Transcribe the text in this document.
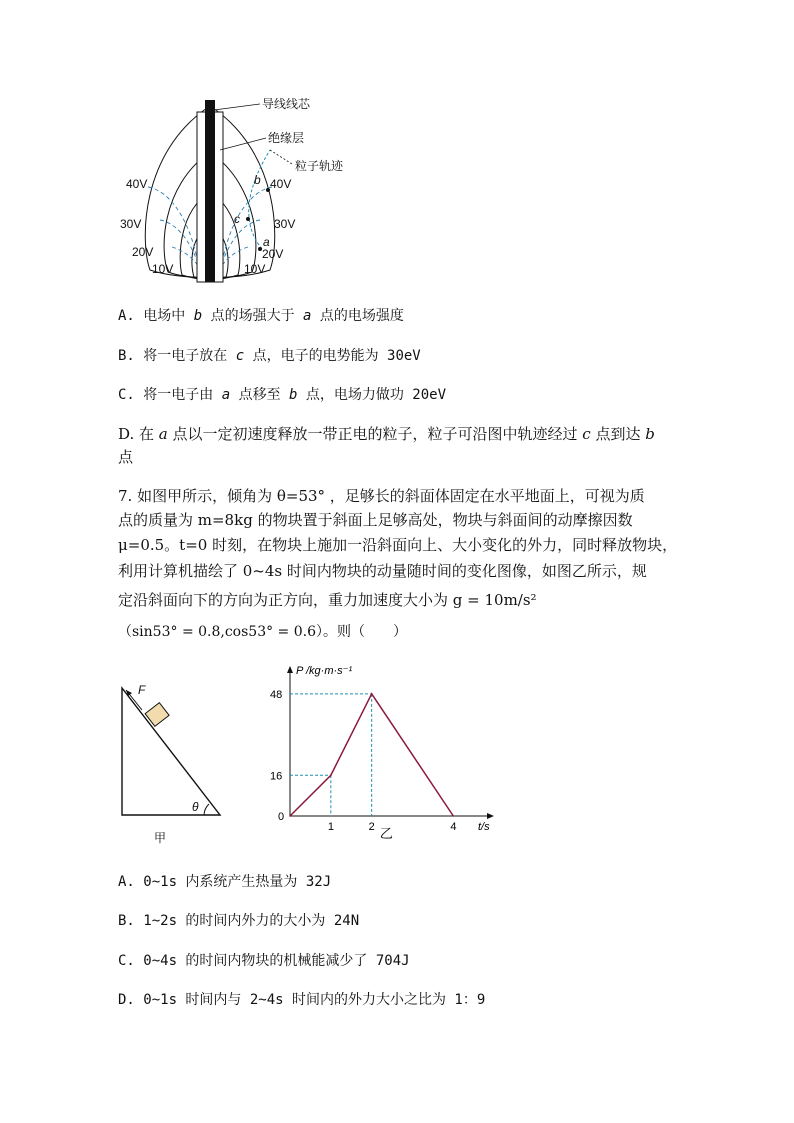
导线线芯
绝缘层
粒子轨迹
40V
30V
20V
10V
40V
30V
20V
10V
b
c
a
A. 电场中 b 点的场强大于 a 点的电场强度
B. 将一电子放在 c 点，电子的电势能为 30eV
C. 将一电子由 a 点移至 b 点，电场力做功 20eV
D. 在 a 点以一定初速度释放一带正电的粒子，粒子可沿图中轨迹经过 c 点到达 b
点
7. 如图甲所示，倾角为 θ=53° ，足够长的斜面体固定在水平地面上，可视为质
点的质量为 m=8kg 的物块置于斜面上足够高处，物块与斜面间的动摩擦因数
μ=0.5。t=0 时刻，在物块上施加一沿斜面向上、大小变化的外力，同时释放物块，
利用计算机描绘了 0~4s 时间内物块的动量随时间的变化图像，如图乙所示，规
定沿斜面向下的方向为正方向，重力加速度大小为 g = 10m/s²
（sin53° = 0.8,cos53° = 0.6）。则（　　）
F
θ
甲
P /kg·m·s⁻¹
t/s
0
1	2	4
16
48
乙
A. 0~1s 内系统产生热量为 32J
B. 1~2s 的时间内外力的大小为 24N
C. 0~4s 的时间内物块的机械能减少了 704J
D. 0~1s 时间内与 2~4s 时间内的外力大小之比为 1：9
